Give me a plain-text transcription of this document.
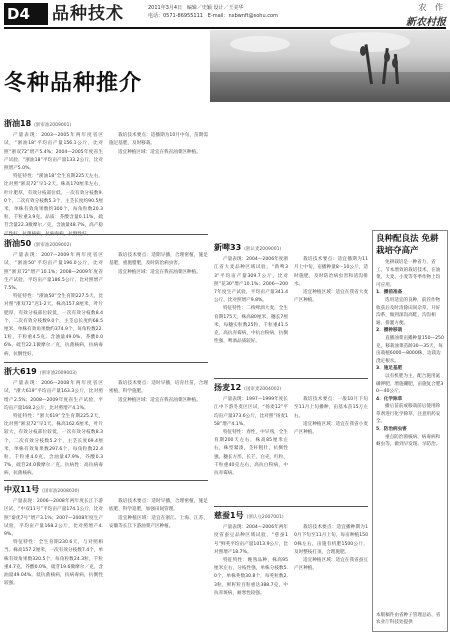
D4	品种技术	2011年3月4日 编辑／史颖 设计／王美华
电话：0571-86955111 E-mail：nxbwnft@sohu.com
农 作
新农村报
冬种品种推介
浙油18 (浙审油2009001)

产量表现：2003—2005年两年度省区试，“浙油18”平均亩产量156.1公斤，比对照“浙双72”增产5.4%；2004—2005年度省生产试验，“浙油18”平均亩产量133.2公斤，比对照增产5.0%。

特征特性：“浙油18”全生育期225天左右，比对照“浙双72”早1-2天。株高170厘米左右，叶片肥厚，有效分枝部位低，一次有效分枝数9.0个，二次有效分枝数5.3个，主茎长度约90.5厘米，单株有效角果数约300个，每角粒数20.3粒，千粒重3.9克。品质：芥酸含量0.11%，硫苷含量22.3微摩尔／克，含油量48.7%，高产稳产性好，抗菌核病，抗病毒病，抗倒性好。

栽培技术要点：适播期为10月中旬，苗期需施足基肥，及时移栽。

适宜种植区域：适宜在我省油菜区种植。

浙油50 (浙审油2009002)

产量表现：2007—2009年两年度省区试，“浙油50”平均亩产量196.0公斤，比对照“浙双72”增产10.1%；2008—2009年度省生产试验，平均亩产量186.5公斤，比对照增产7.5%。

特征特性：“浙油50”全生育期227.5天，比对照“浙双72”迟1-2天。株高157.8厘米，叶片肥厚，有效分枝部位较低，一次有效分枝数8.4个，二次有效分枝数9.0个，主茎总长度约68.5厘米，单株有效角果数约374.9个，每角粒数22.1粒，千粒重4.5克。含油量49.0%，芥酸0.06%，硫苷22.1微摩尔／克，抗菌核病，抗病毒病，抗倒性好。

栽培技术要点：适期早播，合理密植，施足基肥，重施腊肥，及时防治病虫害。

适宜种植区域：适宜在我省油菜区种植。

浙大619 (浙审油2009003)

产量表现：2006—2008年两年度省区试，“浙大619”平均亩产量163.3公斤，比对照增产2.5%；2008—2009年度省生产试验，平均亩产量168.2公斤，比对照增产4.1%。

特征特性：“浙大619”全生育期225.2天，比对照“浙双72”早1天。株高162.6厘米，叶片较大，有效分枝部位较低，一次有效分枝数8.3个，二次有效分枝数5.2个，主茎长度69.4厘米，单株有效角果数297.6个，每角粒数22.4粒，千粒重4.0克。含油量47.9%，芥酸0.37%，硫苷24.0微摩尔／克。抗病性：高抗病毒病，抗菌核病。

栽培技术要点：适时早播，培育壮苗，合理密植，科学施肥。

适宜种植区域：适宜在我省油菜区种植。

中双11号 (国审油2008030)

产量表现：2006—2008年两年度长江下游区试，“中双11号”平均亩产量174.1公斤，比对照“秦优7号”增产3.1%；2007—2008年度生产试验，平均亩产量168.2公斤，比对照增产4.9%。

特征特性：全生育期230.6天，与对照相当。株高157.2厘米，一次有效分枝数7.4个，单株有效角果数320.5个，每角粒数24.3粒，千粒重4.7克。芥酸0.0%，硫苷19.6微摩尔／克，含油量49.04%。低抗菌核病，抗病毒病，抗倒性较强。

栽培技术要点：适时早播，合理密植，施足底肥，科学追肥，加强田间管理。

适宜种植区域：适宜在浙江、上海、江苏、安徽等长江下游油菜产区种植。

新啤33 (浙认麦2009001)

产量表现：2004—2006年度浙江省大麦品种区域试验，“新啤33”平均亩产量309.7公斤，比对照“花30”增产10.1%；2006—2007年度生产试验，平均亩产量341.4公斤，比对照增产9.8%。

特征特性：二棱啤酒大麦，全生育期175天，株高80厘米，穗长7厘米，每穗实粒数25粒，千粒重41.5克，高抗赤霉病，中抗白粉病，抗倒性强，啤酒品质较好。

栽培技术要点：适宜播期为11月上中旬，亩播种量8～10公斤，适时施肥，及时防治病虫害和清沟排水。

适宜种植区域：适宜在我省大麦产区种植。

扬麦12 (国审麦2004002)

产量表现：1997—1999年度长江中下游冬麦区区试，“扬麦12”平均亩产量373.6公斤，比对照“扬麦158”增产4.1%。

特征特性：春性，中早熟，全生育期200天左右，株高85厘米左右，株型紧凑，茎秆粗壮，抗倒性强。穗长方形，长芒，白壳，红粒，千粒重40克左右，高抗白粉病，中抗赤霉病。

栽培技术要点：一般10月下旬至11月上旬播种，亩基本苗15万左右。

适宜种植区域：适宜在我省小麦产区种植。

慈蚕1号 (浙认豆2007001)

产量表现：2004—2006年两年度省蚕豆品种区域试验，“慈蚕1号”鲜荚平均亩产量1013.9公斤，比对照增产18.7%。

特征特性：晚熟品种，株高95厘米左右，分枝性强，单株分枝数5.0个，单株荚数30.8个，每荚粒数2.3粒，鲜籽粒百粒重达388.7克，中抗赤斑病，耐寒性较强。

栽培技术要点：适宜播种期为10月下旬至11月上旬，每亩种植1500株左右，亩施有机肥1500公斤，及时整枝打顶，合理施肥。

适宜种植区域：适宜在我省蚕豆产区种植。

良种配良法 免耕栽培夺高产

免耕栽培是一种省力、省工、节本增效的栽培技术，在油菜、大麦、小麦等冬季作物上均可应用。

1．播前准备

选用适宜的良种，前茬作物收获后及时清除田间杂草，开好沟系，做到深沟高畦、沟沟相通、排灌方便。

2．播种移栽

直播油菜亩播种量150—250克，移栽油菜苗龄30—35天，每亩栽植6000—8000株，边栽边浇定根水。

3．施足基肥

以有机肥为主，配合施用氮磷钾肥，增施硼肥，亩施复合肥30—40公斤。

4．化学除草

播后苗前或移栽前后使用除草剂进行化学除草，注意用药安全。

5．防治病虫害

重点防治菌核病、病毒病和蚜虫等，做到早发现、早防治。

本版稿件由省种子管理总站、省农业厅科技处提供
